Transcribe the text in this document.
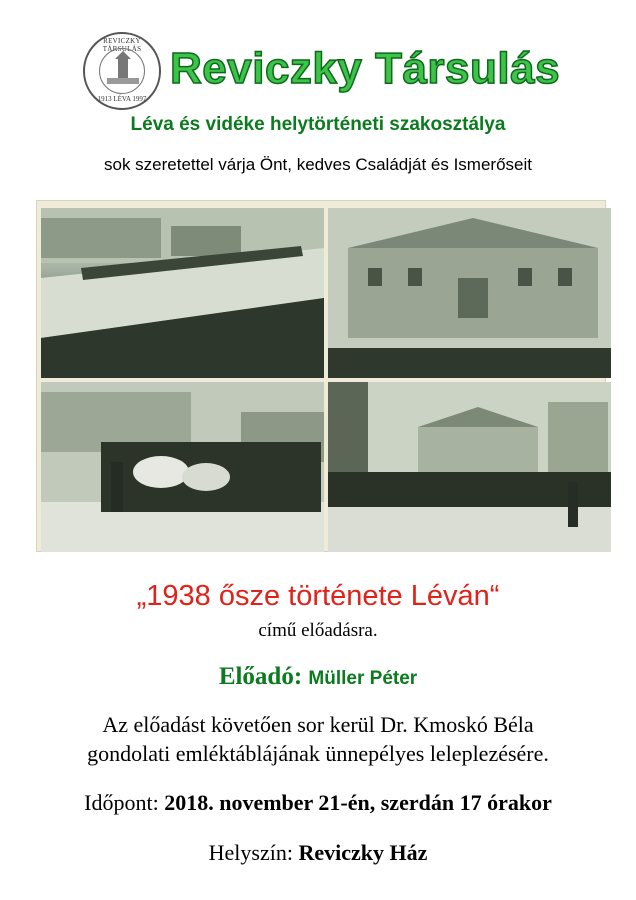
REVICZKY TÁRSULÁS
1913 LÉVA 1997
Reviczky Társulás
Léva és vidéke helytörténeti szakosztálya
sok szeretettel várja Önt, kedves Családját és Ismerőseit
„1938 ősze története Léván“
című előadásra.
Előadó: Müller Péter
Az előadást követően sor kerül Dr. Kmoskó Béla
gondolati emléktáblájának ünnepélyes leleplezésére.
Időpont: 2018. november 21-én, szerdán 17 órakor
Helyszín: Reviczky Ház
